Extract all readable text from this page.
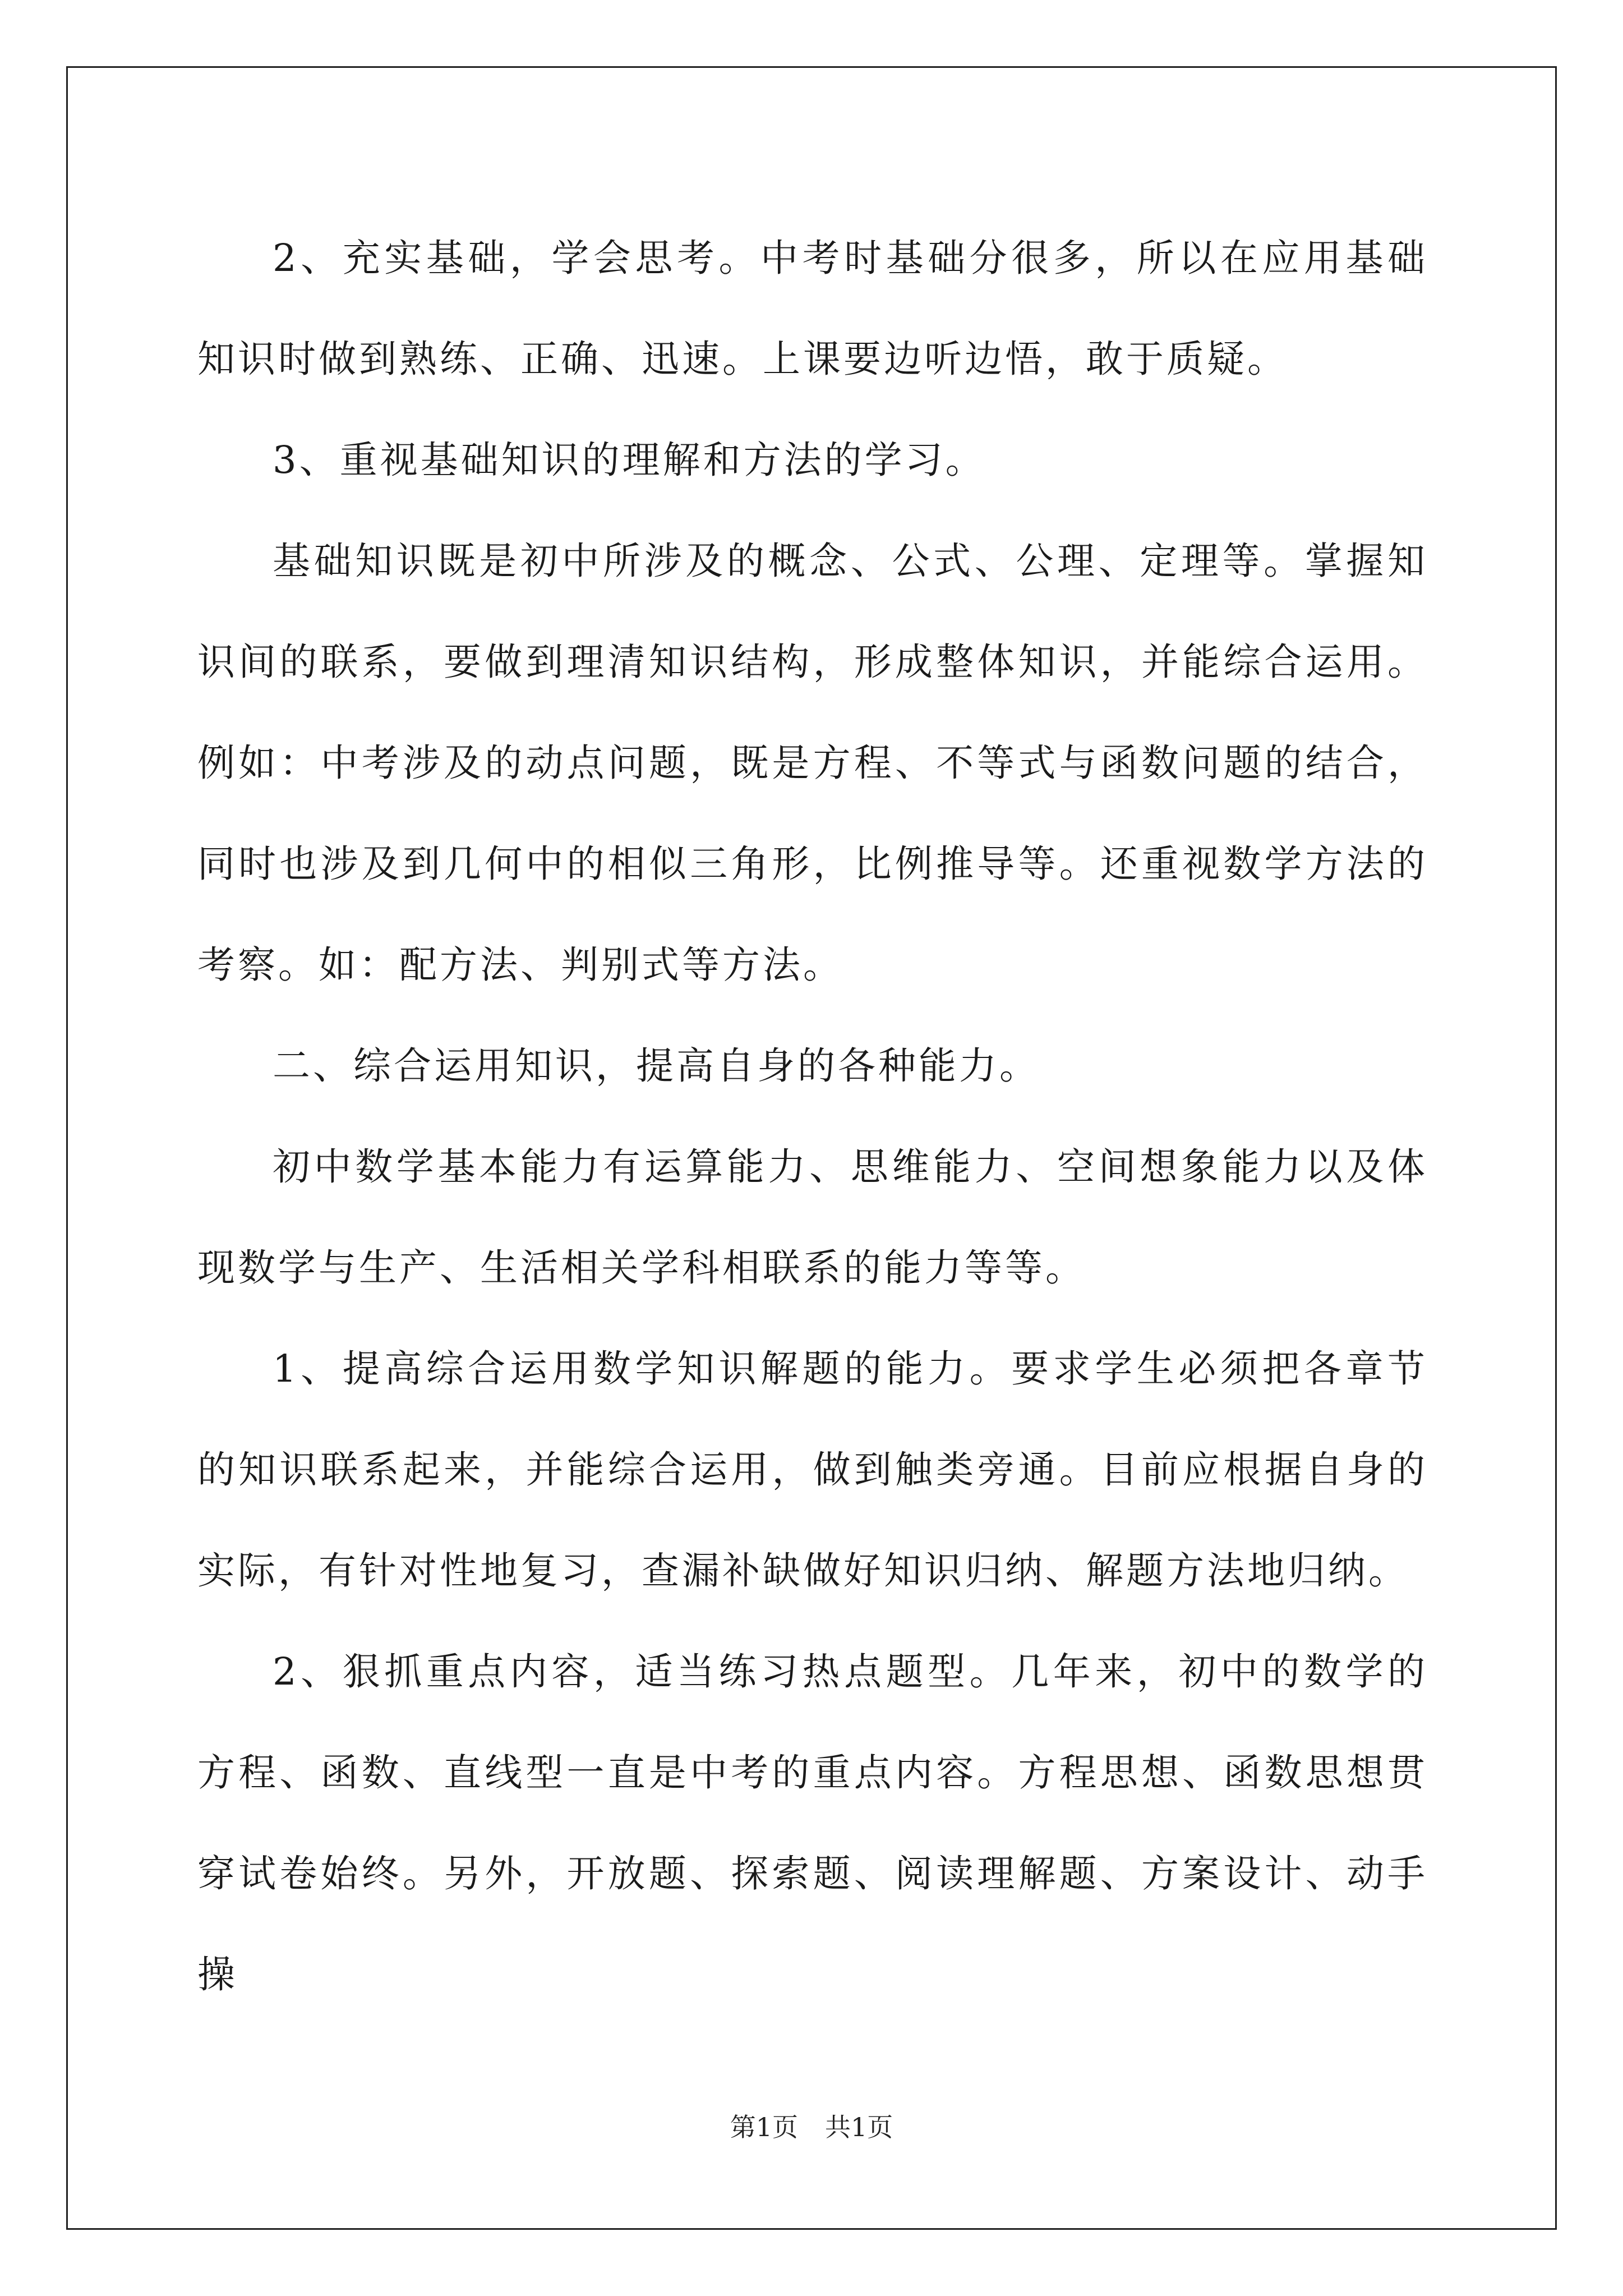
2、充实基础，学会思考。中考时基础分很多，所以在应用基础知识时做到熟练、正确、迅速。上课要边听边悟，敢于质疑。

3、重视基础知识的理解和方法的学习。

基础知识既是初中所涉及的概念、公式、公理、定理等。掌握知识间的联系，要做到理清知识结构，形成整体知识，并能综合运用。例如：中考涉及的动点问题，既是方程、不等式与函数问题的结合，同时也涉及到几何中的相似三角形，比例推导等。还重视数学方法的考察。如：配方法、判别式等方法。

二、综合运用知识，提高自身的各种能力。

初中数学基本能力有运算能力、思维能力、空间想象能力以及体现数学与生产、生活相关学科相联系的能力等等。

1、提高综合运用数学知识解题的能力。要求学生必须把各章节的知识联系起来，并能综合运用，做到触类旁通。目前应根据自身的实际，有针对性地复习，查漏补缺做好知识归纳、解题方法地归纳。

2、狠抓重点内容，适当练习热点题型。几年来，初中的数学的方程、函数、直线型一直是中考的重点内容。方程思想、函数思想贯穿试卷始终。另外，开放题、探索题、阅读理解题、方案设计、动手操

第1页 共1页
